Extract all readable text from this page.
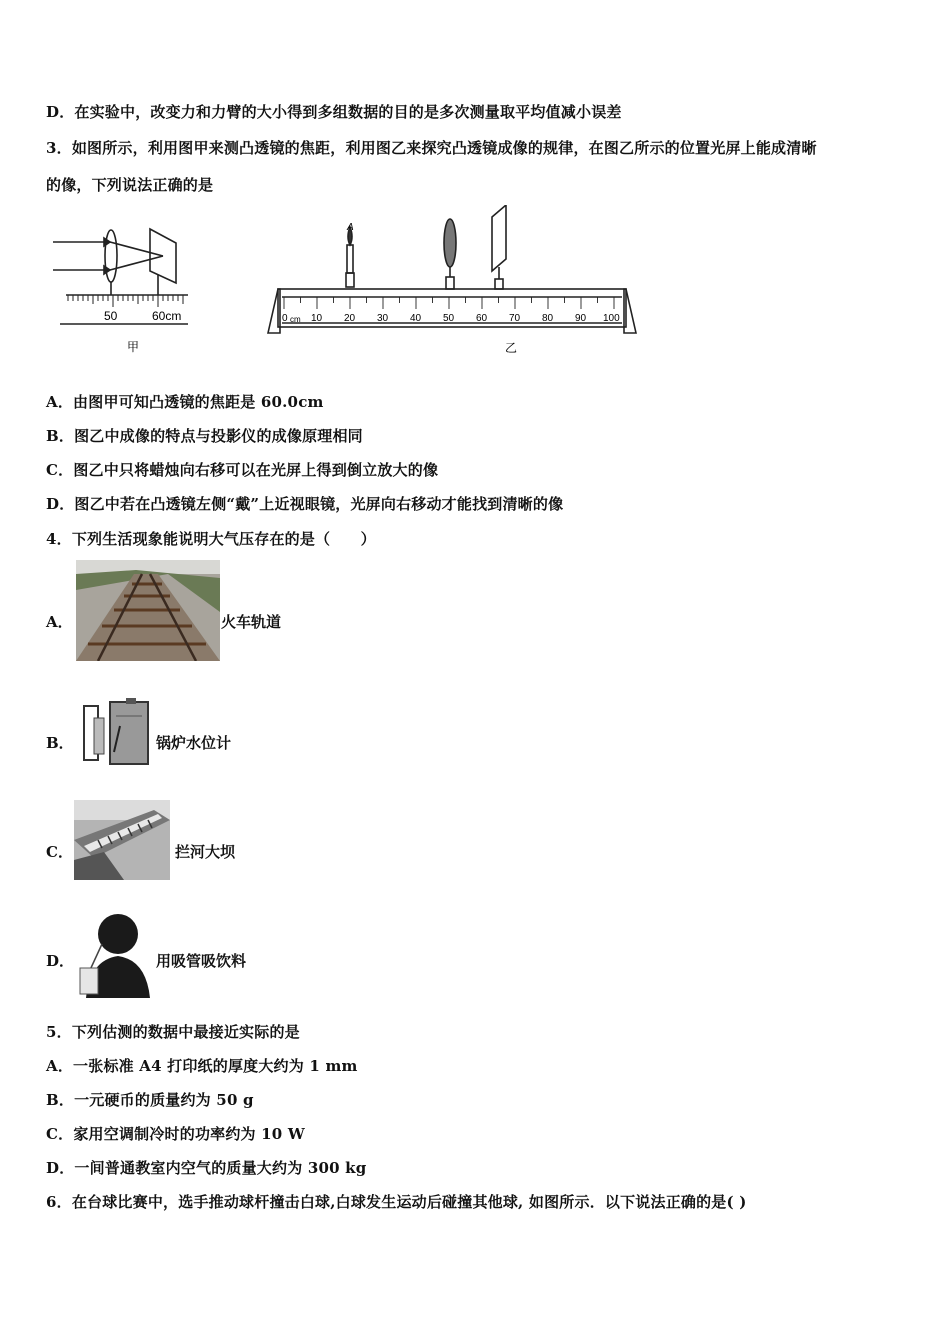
D．在实验中，改变力和力臂的大小得到多组数据的目的是多次测量取平均值减小误差
3．如图所示，利用图甲来测凸透镜的焦距，利用图乙来探究凸透镜成像的规律，在图乙所示的位置光屏上能成清晰
的像，下列说法正确的是
50	60cm
甲
A
0 cm 10 20 30 40 50 60 70 80 90 100
乙
A．由图甲可知凸透镜的焦距是 60.0cm
B．图乙中成像的特点与投影仪的成像原理相同
C．图乙中只将蜡烛向右移可以在光屏上得到倒立放大的像
D．图乙中若在凸透镜左侧“戴”上近视眼镜，光屏向右移动才能找到清晰的像
4．下列生活现象能说明大气压存在的是（　　）
A．	火车轨道
B．	锅炉水位计
C．	拦河大坝
D．	用吸管吸饮料
5．下列估测的数据中最接近实际的是
A．一张标准 A4 打印纸的厚度大约为 1 mm
B．一元硬币的质量约为 50 g
C．家用空调制冷时的功率约为 10 W
D．一间普通教室内空气的质量大约为 300 kg
6．在台球比赛中，选手推动球杆撞击白球,白球发生运动后碰撞其他球, 如图所示．以下说法正确的是( )
